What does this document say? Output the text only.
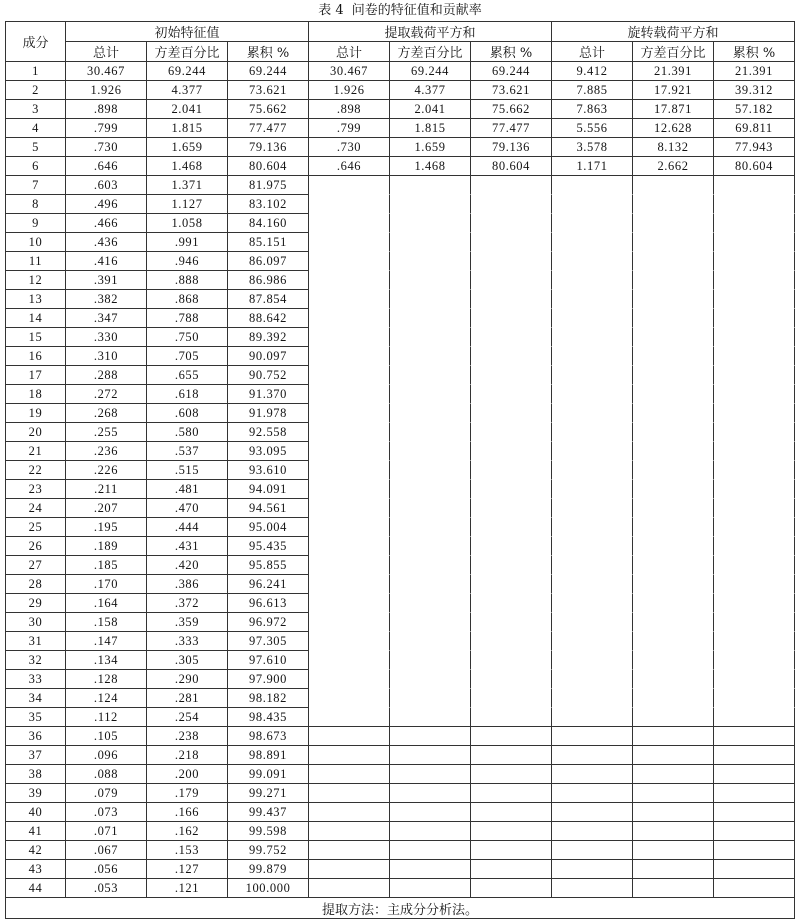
表 4 问卷的特征值和贡献率
成分	初始特征值			提取载荷平方和			旋转载荷平方和		
	总计	方差百分比	累积 %	总计	方差百分比	累积 %	总计	方差百分比	累积 %
1	30.467	69.244	69.244	30.467	69.244	69.244	9.412	21.391	21.391
2	1.926	4.377	73.621	1.926	4.377	73.621	7.885	17.921	39.312
3	.898	2.041	75.662	.898	2.041	75.662	7.863	17.871	57.182
4	.799	1.815	77.477	.799	1.815	77.477	5.556	12.628	69.811
5	.730	1.659	79.136	.730	1.659	79.136	3.578	8.132	77.943
6	.646	1.468	80.604	.646	1.468	80.604	1.171	2.662	80.604
7	.603	1.371	81.975						
8	.496	1.127	83.102						
9	.466	1.058	84.160						
10	.436	.991	85.151						
11	.416	.946	86.097						
12	.391	.888	86.986						
13	.382	.868	87.854						
14	.347	.788	88.642						
15	.330	.750	89.392						
16	.310	.705	90.097						
17	.288	.655	90.752						
18	.272	.618	91.370						
19	.268	.608	91.978						
20	.255	.580	92.558						
21	.236	.537	93.095						
22	.226	.515	93.610						
23	.211	.481	94.091						
24	.207	.470	94.561						
25	.195	.444	95.004						
26	.189	.431	95.435						
27	.185	.420	95.855						
28	.170	.386	96.241						
29	.164	.372	96.613						
30	.158	.359	96.972						
31	.147	.333	97.305						
32	.134	.305	97.610						
33	.128	.290	97.900						
34	.124	.281	98.182						
35	.112	.254	98.435						
36	.105	.238	98.673						
37	.096	.218	98.891						
38	.088	.200	99.091						
39	.079	.179	99.271						
40	.073	.166	99.437						
41	.071	.162	99.598						
42	.067	.153	99.752						
43	.056	.127	99.879						
44	.053	.121	100.000						
提取方法：主成分分析法。									
